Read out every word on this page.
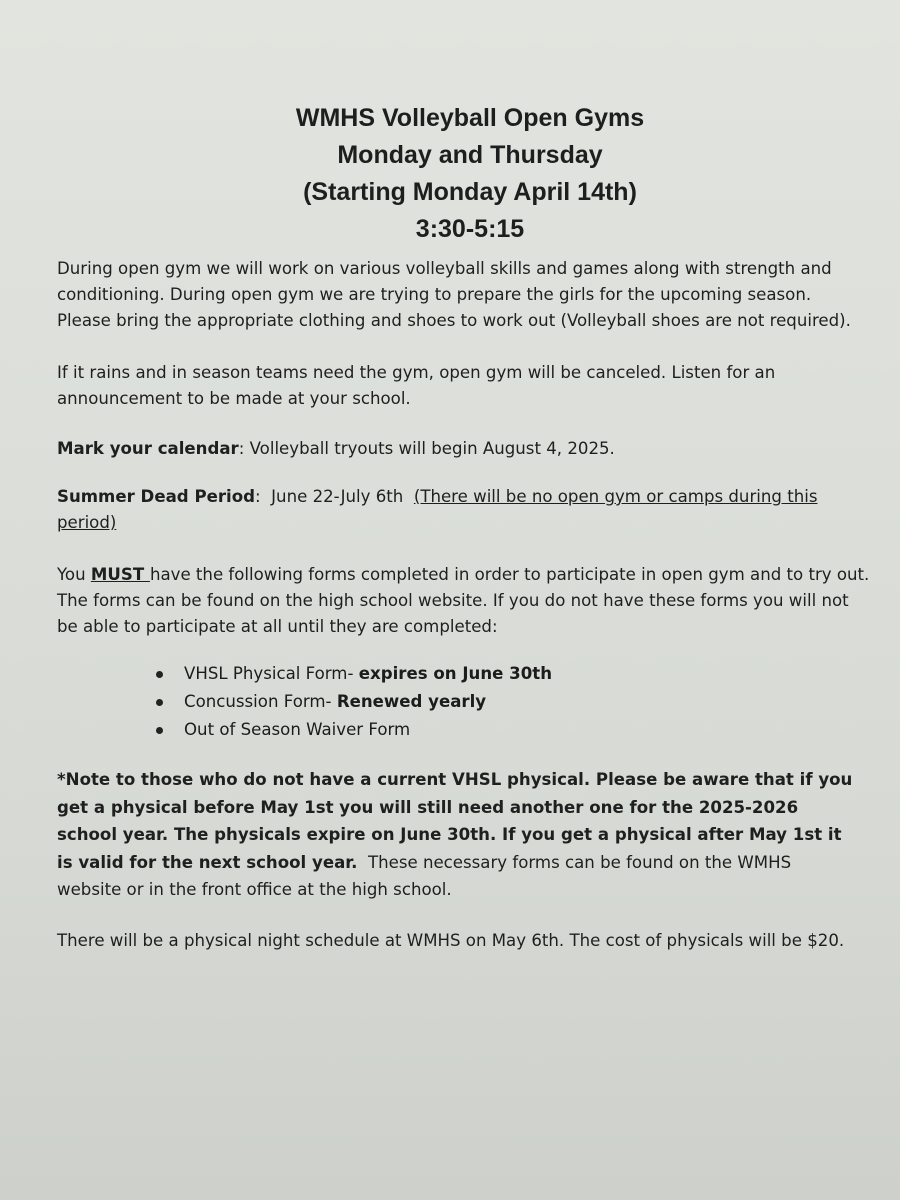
WMHS Volleyball Open Gyms
Monday and Thursday
(Starting Monday April 14th)
3:30-5:15
During open gym we will work on various volleyball skills and games along with strength and conditioning. During open gym we are trying to prepare the girls for the upcoming season. Please bring the appropriate clothing and shoes to work out (Volleyball shoes are not required).
If it rains and in season teams need the gym, open gym will be canceled. Listen for an announcement to be made at your school.
Mark your calendar: Volleyball tryouts will begin August 4, 2025.
Summer Dead Period:  June 22-July 6th  (There will be no open gym or camps during this period)
You MUST have the following forms completed in order to participate in open gym and to try out. The forms can be found on the high school website. If you do not have these forms you will not be able to participate at all until they are completed:
VHSL Physical Form- expires on June 30th
Concussion Form- Renewed yearly
Out of Season Waiver Form
*Note to those who do not have a current VHSL physical. Please be aware that if you get a physical before May 1st you will still need another one for the 2025-2026 school year. The physicals expire on June 30th. If you get a physical after May 1st it is valid for the next school year.  These necessary forms can be found on the WMHS website or in the front office at the high school.
There will be a physical night schedule at WMHS on May 6th. The cost of physicals will be $20.
